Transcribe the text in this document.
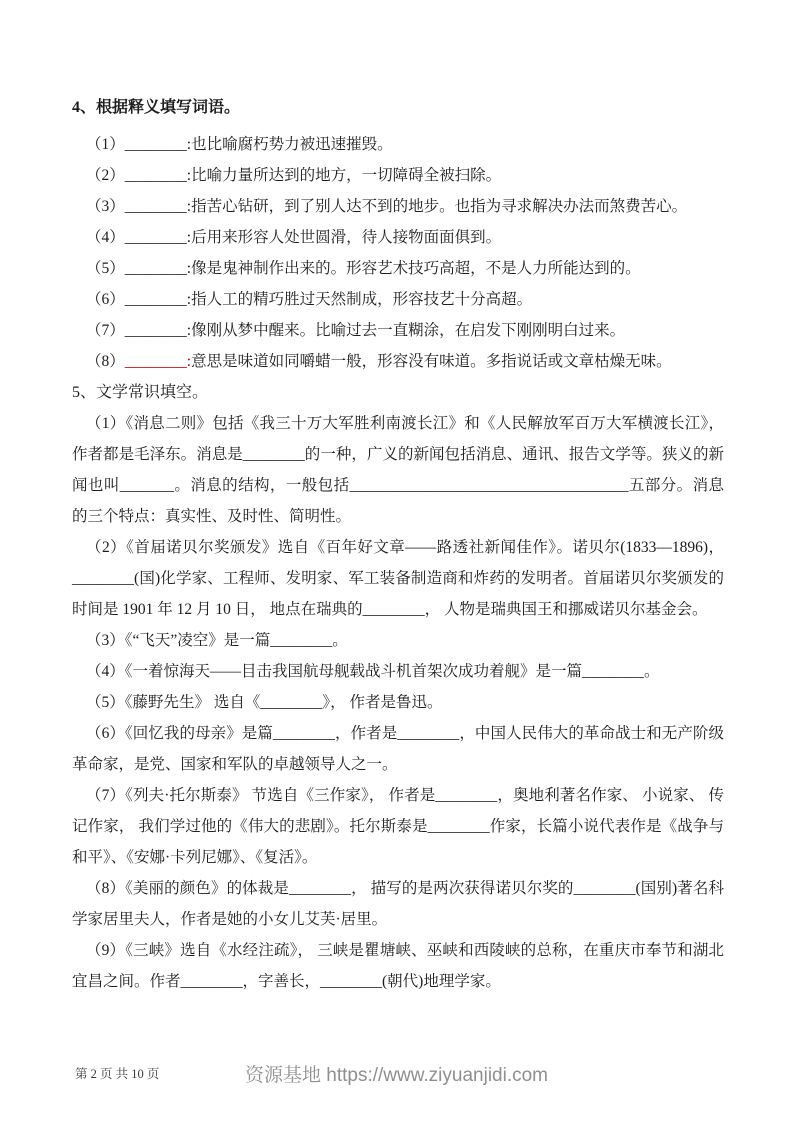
4、根据释义填写词语。

（1）________:也比喻腐朽势力被迅速摧毁。

（2）________:比喻力量所达到的地方，一切障碍全被扫除。

（3）________:指苦心钻研，到了别人达不到的地步。也指为寻求解决办法而煞费苦心。

（4）________:后用来形容人处世圆滑，待人接物面面俱到。

（5）________:像是鬼神制作出来的。形容艺术技巧高超，不是人力所能达到的。

（6）________:指人工的精巧胜过天然制成，形容技艺十分高超。

（7）________:像刚从梦中醒来。比喻过去一直糊涂，在启发下刚刚明白过来。

（8）________:意思是味道如同嚼蜡一般，形容没有味道。多指说话或文章枯燥无味。

5、文学常识填空。

（1）《消息二则》包括《我三十万大军胜利南渡长江》和《人民解放军百万大军横渡长江》，作者都是毛泽东。消息是________的一种，广义的新闻包括消息、通讯、报告文学等。狭义的新闻也叫_______。消息的结构，一般包括____________________________________五部分。消息的三个特点：真实性、及时性、简明性。

（2）《首届诺贝尔奖颁发》选自《百年好文章——路透社新闻佳作》。诺贝尔(1833—1896)，________(国)化学家、工程师、发明家、军工装备制造商和炸药的发明者。首届诺贝尔奖颁发的时间是 1901 年 12 月 10 日， 地点在瑞典的________， 人物是瑞典国王和挪威诺贝尔基金会。

（3）《“飞天”凌空》是一篇________。

（4）《一着惊海天——目击我国航母舰载战斗机首架次成功着舰》是一篇________。

（5）《藤野先生》 选自《________》， 作者是鲁迅。

（6）《回忆我的母亲》是篇________，作者是________，中国人民伟大的革命战士和无产阶级革命家，是党、国家和军队的卓越领导人之一。

（7）《列夫·托尔斯泰》 节选自《三作家》， 作者是________，奥地利著名作家、 小说家、 传记作家， 我们学过他的《伟大的悲剧》。托尔斯泰是________作家，长篇小说代表作是《战争与和平》、《安娜·卡列尼娜》、《复活》。

（8）《美丽的颜色》的体裁是________， 描写的是两次获得诺贝尔奖的________(国别)著名科学家居里夫人，作者是她的小女儿艾芙·居里。

（9）《三峡》选自《水经注疏》， 三峡是瞿塘峡、巫峡和西陵峡的总称，在重庆市奉节和湖北宜昌之间。作者________，字善长，________(朝代)地理学家。

资源基地 https://www.ziyuanjidi.com
第 2 页 共 10 页
